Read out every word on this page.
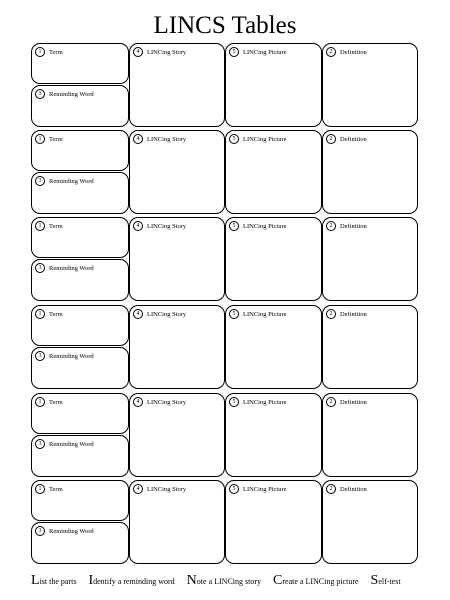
LINCS Tables
1	Term
3	Reminding Word
4	LINCing Story	5	LINCing Picture	2	Definition
1	Term
3	Reminding Word
4	LINCing Story	5	LINCing Picture	2	Definition
1	Term
3	Reminding Word
4	LINCing Story	5	LINCing Picture	2	Definition
1	Term
3	Reminding Word
4	LINCing Story	5	LINCing Picture	2	Definition
1	Term
3	Reminding Word
4	LINCing Story	5	LINCing Picture	2	Definition
1	Term
3	Reminding Word
4	LINCing Story	5	LINCing Picture	2	Definition
List the parts Identify a reminding word Note a LINCing story Create a LINCing picture Self-test
